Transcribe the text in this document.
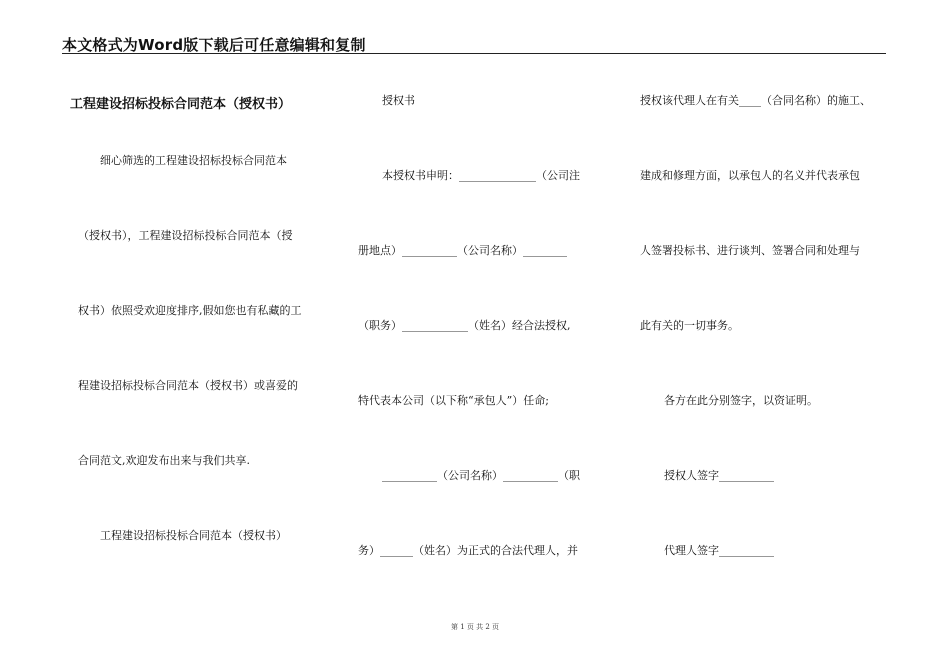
本文格式为Word版下载后可任意编辑和复制
工程建设招标投标合同范本（授权书）
细心筛选的工程建设招标投标合同范本
（授权书），工程建设招标投标合同范本（授
权书）依照受欢迎度排序,假如您也有私藏的工
程建设招标投标合同范本（授权书）或喜爱的
合同范文,欢迎发布出来与我们共享.
工程建设招标投标合同范本（授权书）
授权书
本授权书申明：______________（公司注
册地点）__________（公司名称）________
（职务）____________（姓名）经合法授权,
特代表本公司（以下称“承包人”）任命;
__________（公司名称）__________（职
务）______（姓名）为正式的合法代理人，并
授权该代理人在有关____（合同名称）的施工、
建成和修理方面，以承包人的名义并代表承包
人签署投标书、进行谈判、签署合同和处理与
此有关的一切事务。
各方在此分别签字，以资证明。
授权人签字__________
代理人签字__________
第 1 页 共 2 页
